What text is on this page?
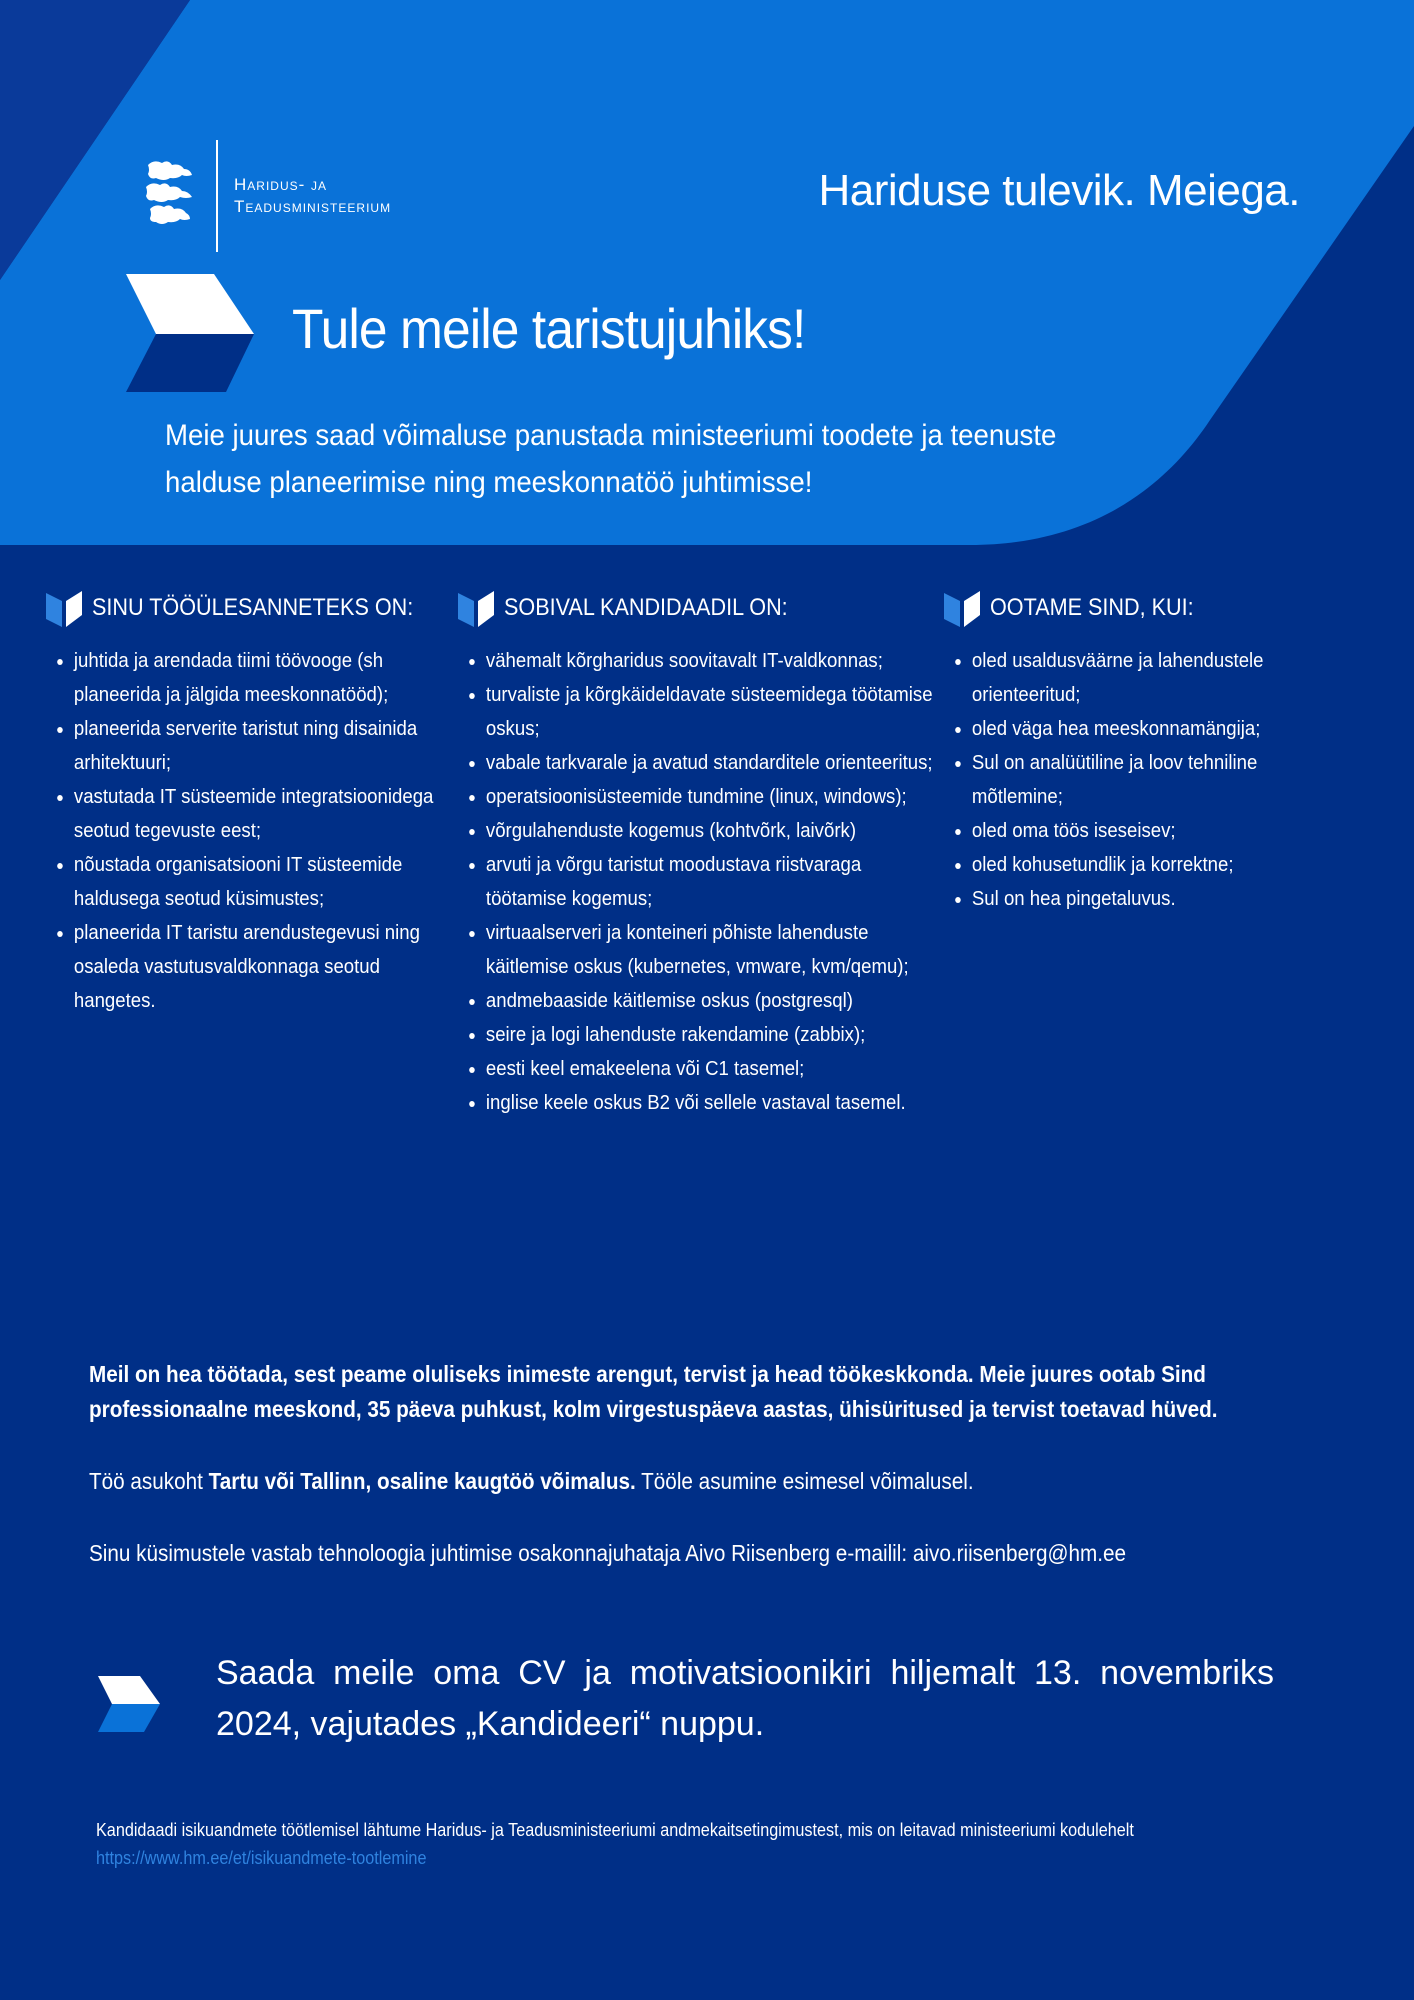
Haridus- ja
Teadusministeerium	Hariduse tulevik. Meiega.
Tule meile taristujuhiks!
Meie juures saad võimaluse panustada ministeeriumi toodete ja teenuste halduse planeerimise ning meeskonnatöö juhtimisse!
SINU TÖÖÜLESANNETEKS ON:
• juhtida ja arendada tiimi töövooge (sh planeerida ja jälgida meeskonnatööd);
• planeerida serverite taristut ning disainida arhitektuuri;
• vastutada IT süsteemide integratsioonidega seotud tegevuste eest;
• nõustada organisatsiooni IT süsteemide haldusega seotud küsimustes;
• planeerida IT taristu arendustegevusi ning osaleda vastutusvaldkonnaga seotud hangetes.
SOBIVAL KANDIDAADIL ON:
• vähemalt kõrgharidus soovitavalt IT-valdkonnas;
• turvaliste ja kõrgkäideldavate süsteemidega töötamise oskus;
• vabale tarkvarale ja avatud standarditele orienteeritus;
• operatsioonisüsteemide tundmine (linux, windows);
• võrgulahenduste kogemus (kohtvõrk, laivõrk)
• arvuti ja võrgu taristut moodustava riistvaraga töötamise kogemus;
• virtuaalserveri ja konteineri põhiste lahenduste käitlemise oskus (kubernetes, vmware, kvm/qemu);
• andmebaaside käitlemise oskus (postgresql)
• seire ja logi lahenduste rakendamine (zabbix);
• eesti keel emakeelena või C1 tasemel;
• inglise keele oskus B2 või sellele vastaval tasemel.
OOTAME SIND, KUI:
• oled usaldusväärne ja lahendustele orienteeritud;
• oled väga hea meeskonnamängija;
• Sul on analüütiline ja loov tehniline mõtlemine;
• oled oma töös iseseisev;
• oled kohusetundlik ja korrektne;
• Sul on hea pingetaluvus.
Meil on hea töötada, sest peame oluliseks inimeste arengut, tervist ja head töökeskkonda. Meie juures ootab Sind professionaalne meeskond, 35 päeva puhkust, kolm virgestuspäeva aastas, ühisüritused ja tervist toetavad hüved.
Töö asukoht Tartu või Tallinn, osaline kaugtöö võimalus. Tööle asumine esimesel võimalusel.
Sinu küsimustele vastab tehnoloogia juhtimise osakonnajuhataja Aivo Riisenberg e-mailil: aivo.riisenberg@hm.ee
Saada meile oma CV ja motivatsioonikiri hiljemalt 13. novembriks 2024, vajutades „Kandideeri“ nuppu.
Kandidaadi isikuandmete töötlemisel lähtume Haridus- ja Teadusministeeriumi andmekaitsetingimustest, mis on leitavad ministeeriumi kodulehelt https://www.hm.ee/et/isikuandmete-tootlemine
